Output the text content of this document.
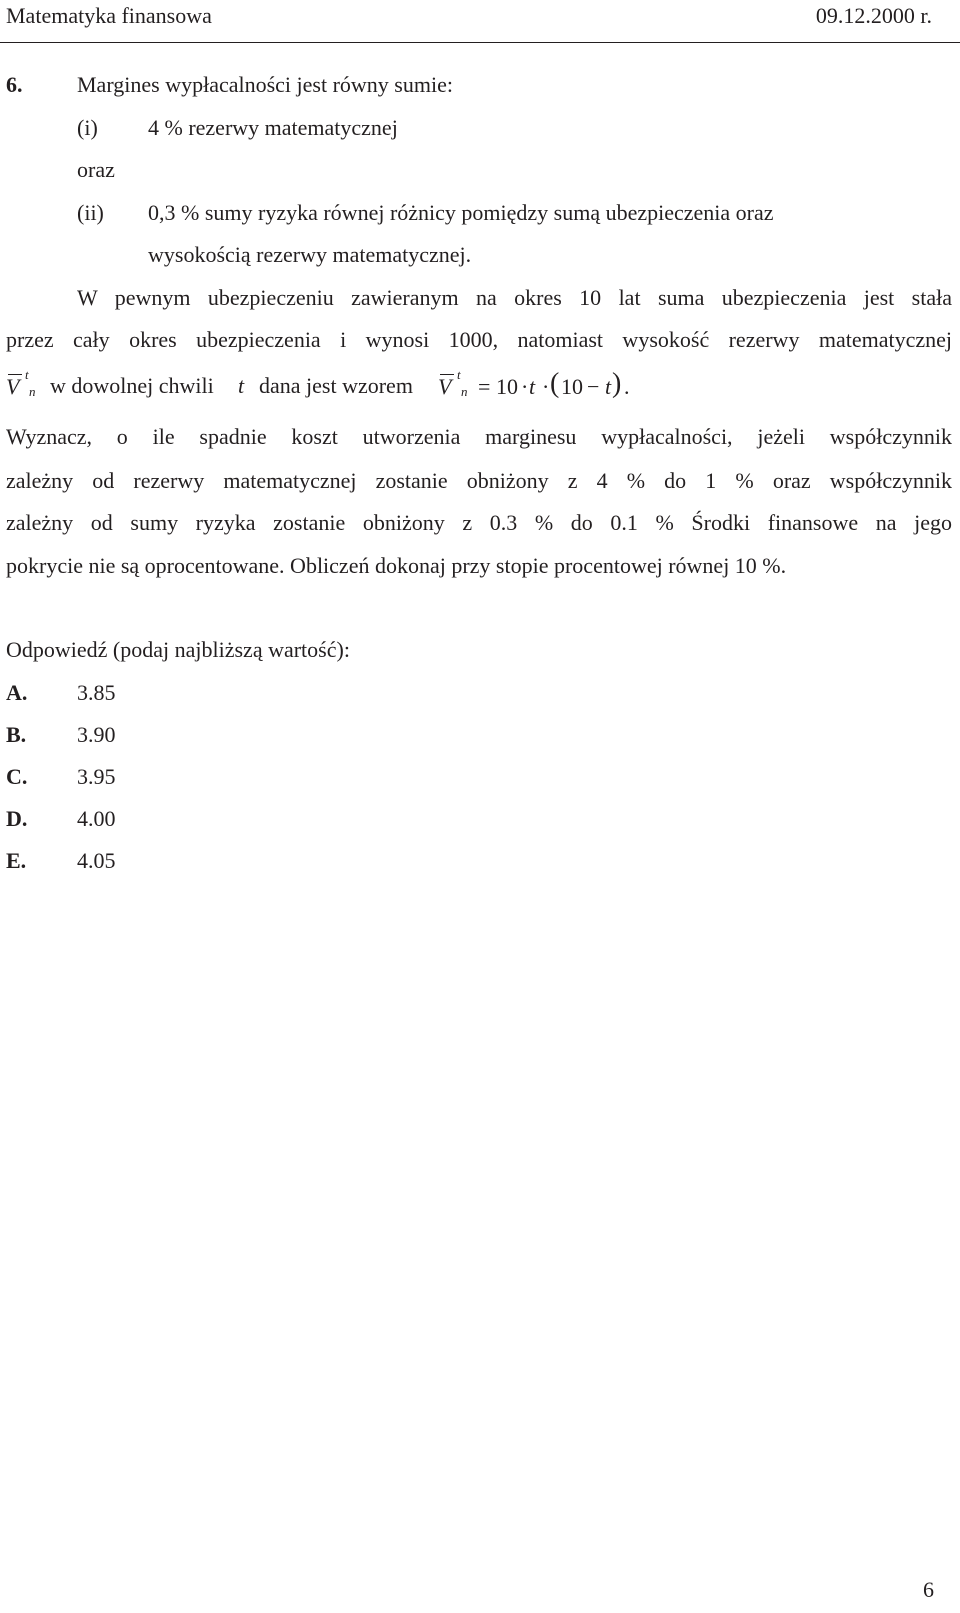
Matematyka finansowa	09.12.2000 r.
6. Margines wypłacalności jest równy sumie:
(i) 4 % rezerwy matematycznej
oraz
(ii) 0,3 % sumy ryzyka równej różnicy pomiędzy sumą ubezpieczenia oraz
wysokością rezerwy matematycznej.
W pewnym ubezpieczeniu zawieranym na okres 10 lat suma ubezpieczenia jest stała
przez cały okres ubezpieczenia i wynosi 1000, natomiast wysokość rezerwy matematycznej
V t
n w dowolnej chwili t dana jest wzorem V t
n = 10 · t · ( 10 − t ) .
Wyznacz, o ile spadnie koszt utworzenia marginesu wypłacalności, jeżeli współczynnik
zależny od rezerwy matematycznej zostanie obniżony z 4 % do 1 % oraz współczynnik
zależny od sumy ryzyka zostanie obniżony z 0.3 % do 0.1 % Środki finansowe na jego
pokrycie nie są oprocentowane. Obliczeń dokonaj przy stopie procentowej równej 10 %.
Odpowiedź (podaj najbliższą wartość):
A. 3.85
B. 3.90
C. 3.95
D. 4.00
E. 4.05
6
